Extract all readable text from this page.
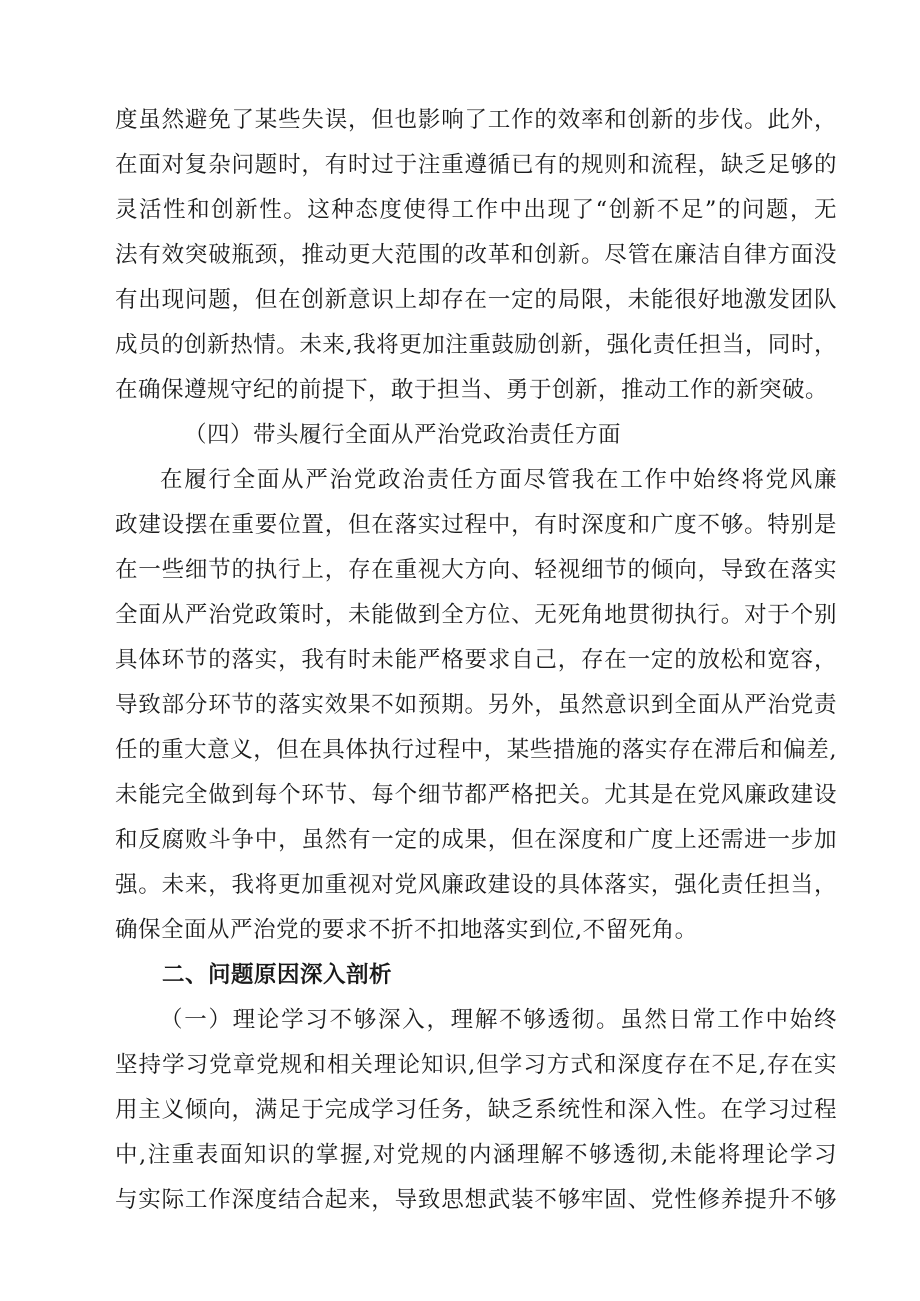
度虽然避免了某些失误，但也影响了工作的效率和创新的步伐。此外，
在面对复杂问题时，有时过于注重遵循已有的规则和流程，缺乏足够的
灵活性和创新性。这种态度使得工作中出现了“创新不足”的问题，无
法有效突破瓶颈，推动更大范围的改革和创新。尽管在廉洁自律方面没
有出现问题，但在创新意识上却存在一定的局限，未能很好地激发团队
成员的创新热情。未来,我将更加注重鼓励创新，强化责任担当，同时，
在确保遵规守纪的前提下，敢于担当、勇于创新，推动工作的新突破。
（四）带头履行全面从严治党政治责任方面
在履行全面从严治党政治责任方面尽管我在工作中始终将党风廉
政建设摆在重要位置，但在落实过程中，有时深度和广度不够。特别是
在一些细节的执行上，存在重视大方向、轻视细节的倾向，导致在落实
全面从严治党政策时，未能做到全方位、无死角地贯彻执行。对于个别
具体环节的落实，我有时未能严格要求自己，存在一定的放松和宽容，
导致部分环节的落实效果不如预期。另外，虽然意识到全面从严治党责
任的重大意义，但在具体执行过程中，某些措施的落实存在滞后和偏差,
未能完全做到每个环节、每个细节都严格把关。尤其是在党风廉政建设
和反腐败斗争中，虽然有一定的成果，但在深度和广度上还需进一步加
强。未来，我将更加重视对党风廉政建设的具体落实，强化责任担当，
确保全面从严治党的要求不折不扣地落实到位,不留死角。
二、问题原因深入剖析
（一）理论学习不够深入，理解不够透彻。虽然日常工作中始终
坚持学习党章党规和相关理论知识,但学习方式和深度存在不足,存在实
用主义倾向，满足于完成学习任务，缺乏系统性和深入性。在学习过程
中,注重表面知识的掌握,对党规的内涵理解不够透彻,未能将理论学习
与实际工作深度结合起来，导致思想武装不够牢固、党性修养提升不够
